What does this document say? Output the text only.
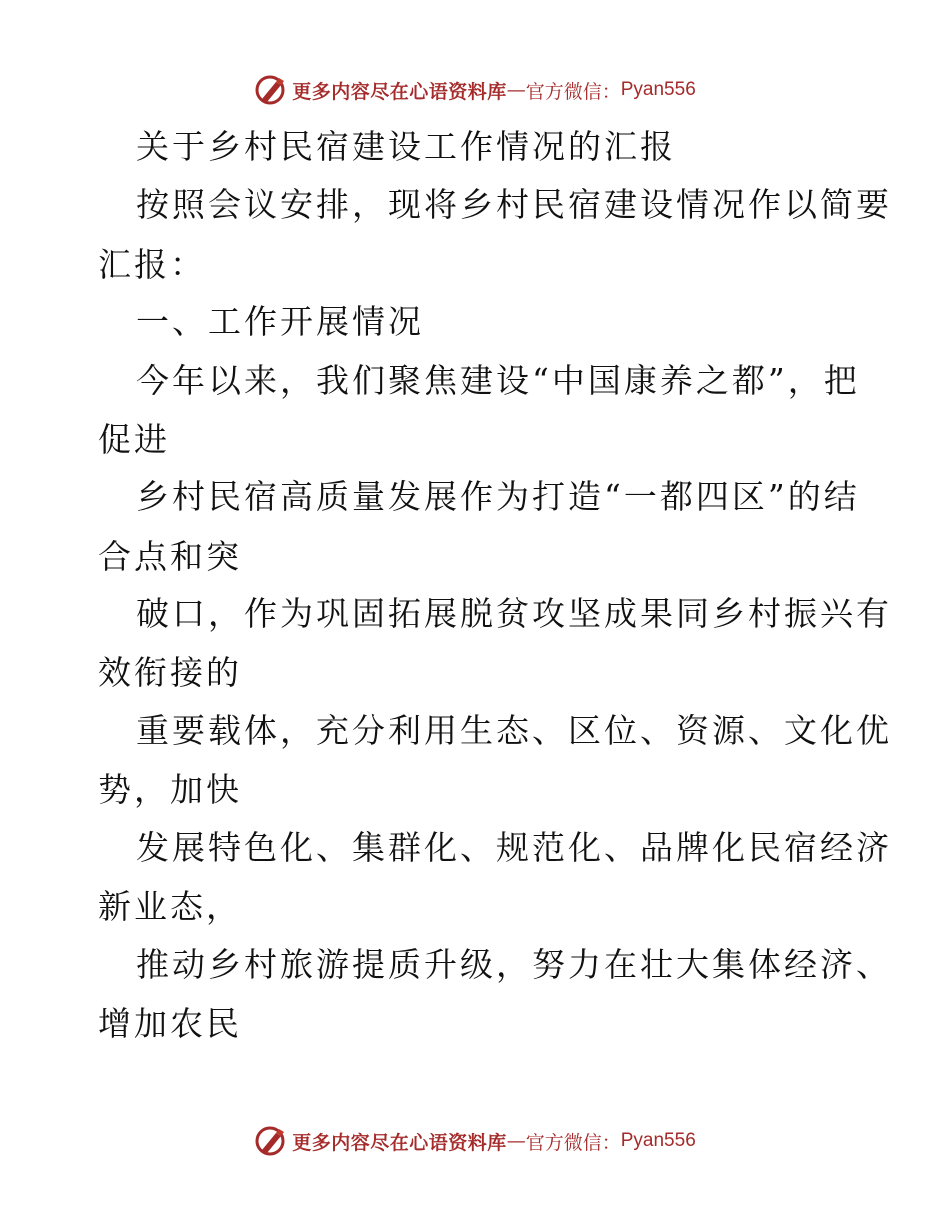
更多内容尽在心语资料库 — 官方微信： Pyan556
关于乡村民宿建设工作情况的汇报
按照会议安排，现将乡村民宿建设情况作以简要
汇报：
一、工作开展情况
今年以来，我们聚焦建设“中国康养之都”，把
促进
乡村民宿高质量发展作为打造“一都四区”的结
合点和突
破口，作为巩固拓展脱贫攻坚成果同乡村振兴有
效衔接的
重要载体，充分利用生态、区位、资源、文化优
势，加快
发展特色化、集群化、规范化、品牌化民宿经济
新业态，
推动乡村旅游提质升级，努力在壮大集体经济、
增加农民
更多内容尽在心语资料库 — 官方微信： Pyan556
